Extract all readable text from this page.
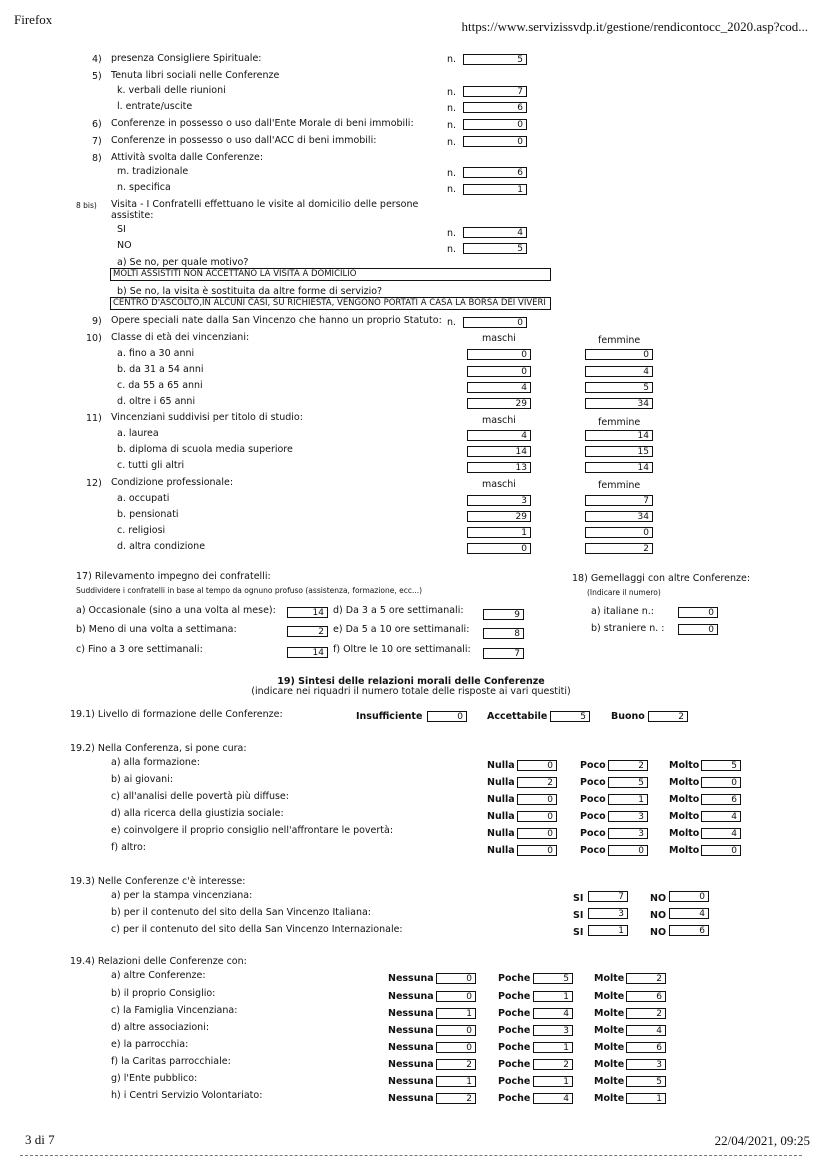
Firefox	https://www.servizissvdp.it/gestione/rendicontocc_2020.asp?cod...
4) presenza Consigliere Spirituale:	n.	5
5) Tenuta libri sociali nelle Conferenze
k. verbali delle riunioni	n.	7
l. entrate/uscite	n.	6
6) Conferenze in possesso o uso dall'Ente Morale di beni immobili:	n.	0
7) Conferenze in possesso o uso dall'ACC di beni immobili:	n.	0
8) Attività svolta dalle Conferenze:
m. tradizionale	n.	6
n. specifica	n.	1
8 bis) Visita - I Confratelli effettuano le visite al domicilio delle persone
assistite:
SI	n.	4
NO	n.	5
a) Se no, per quale motivo?
MOLTI ASSISTITI NON ACCETTANO LA VISITA A DOMICILIO
b) Se no, la visita è sostituita da altre forme di servizio?
CENTRO D'ASCOLTO,IN ALCUNI CASI, SU RICHIESTA, VENGONO PORTATI A CASA LA BORSA DEI VIVERI
9) Opere speciali nate dalla San Vincenzo che hanno un proprio Statuto: n.	0
10) Classe di età dei vincenziani:	maschi	femmine
a. fino a 30 anni	0	0
b. da 31 a 54 anni	0	4
c. da 55 a 65 anni	4	5
d. oltre i 65 anni	29	34
11) Vincenziani suddivisi per titolo di studio:	maschi	femmine
a. laurea	4	14
b. diploma di scuola media superiore	14	15
c. tutti gli altri	13	14
12) Condizione professionale:	maschi	femmine
a. occupati	3	7
b. pensionati	29	34
c. religiosi	1	0
d. altra condizione	0	2
17) Rilevamento impegno dei confratelli:
Suddividere i confratelli in base al tempo da ognuno profuso (assistenza, formazione, ecc...)
a) Occasionale (sino a una volta al mese):	14
b) Meno di una volta a settimana:	2
c) Fino a 3 ore settimanali:	14
d) Da 3 a 5 ore settimanali:	9
e) Da 5 a 10 ore settimanali:	8
f) Oltre le 10 ore settimanali:	7
18) Gemellaggi con altre Conferenze:
(Indicare il numero)
a) italiane n.:	0
b) straniere n. :	0
19) Sintesi delle relazioni morali delle Conferenze
(indicare nei riquadri il numero totale delle risposte ai vari questiti)
19.1) Livello di formazione delle Conferenze:	Insufficiente	0	Accettabile	5	Buono	2
19.2) Nella Conferenza, si pone cura:
a) alla formazione:	Nulla	0	Poco	2	Molto	5
b) ai giovani:	Nulla	2	Poco	5	Molto	0
c) all'analisi delle povertà più diffuse:	Nulla	0	Poco	1	Molto	6
d) alla ricerca della giustizia sociale:	Nulla	0	Poco	3	Molto	4
e) coinvolgere il proprio consiglio nell'affrontare le povertà:	Nulla	0	Poco	3	Molto	4
f) altro:	Nulla	0	Poco	0	Molto	0
19.3) Nelle Conferenze c'è interesse:
a) per la stampa vincenziana:	SI	7	NO	0
b) per il contenuto del sito della San Vincenzo Italiana:	SI	3	NO	4
c) per il contenuto del sito della San Vincenzo Internazionale:	SI	1	NO	6
19.4) Relazioni delle Conferenze con:
a) altre Conferenze:	Nessuna	0	Poche	5	Molte	2
b) il proprio Consiglio:	Nessuna	0	Poche	1	Molte	6
c) la Famiglia Vincenziana:	Nessuna	1	Poche	4	Molte	2
d) altre associazioni:	Nessuna	0	Poche	3	Molte	4
e) la parrocchia:	Nessuna	0	Poche	1	Molte	6
f) la Caritas parrocchiale:	Nessuna	2	Poche	2	Molte	3
g) l'Ente pubblico:	Nessuna	1	Poche	1	Molte	5
h) i Centri Servizio Volontariato:	Nessuna	2	Poche	4	Molte	1
3 di 7	22/04/2021, 09:25
